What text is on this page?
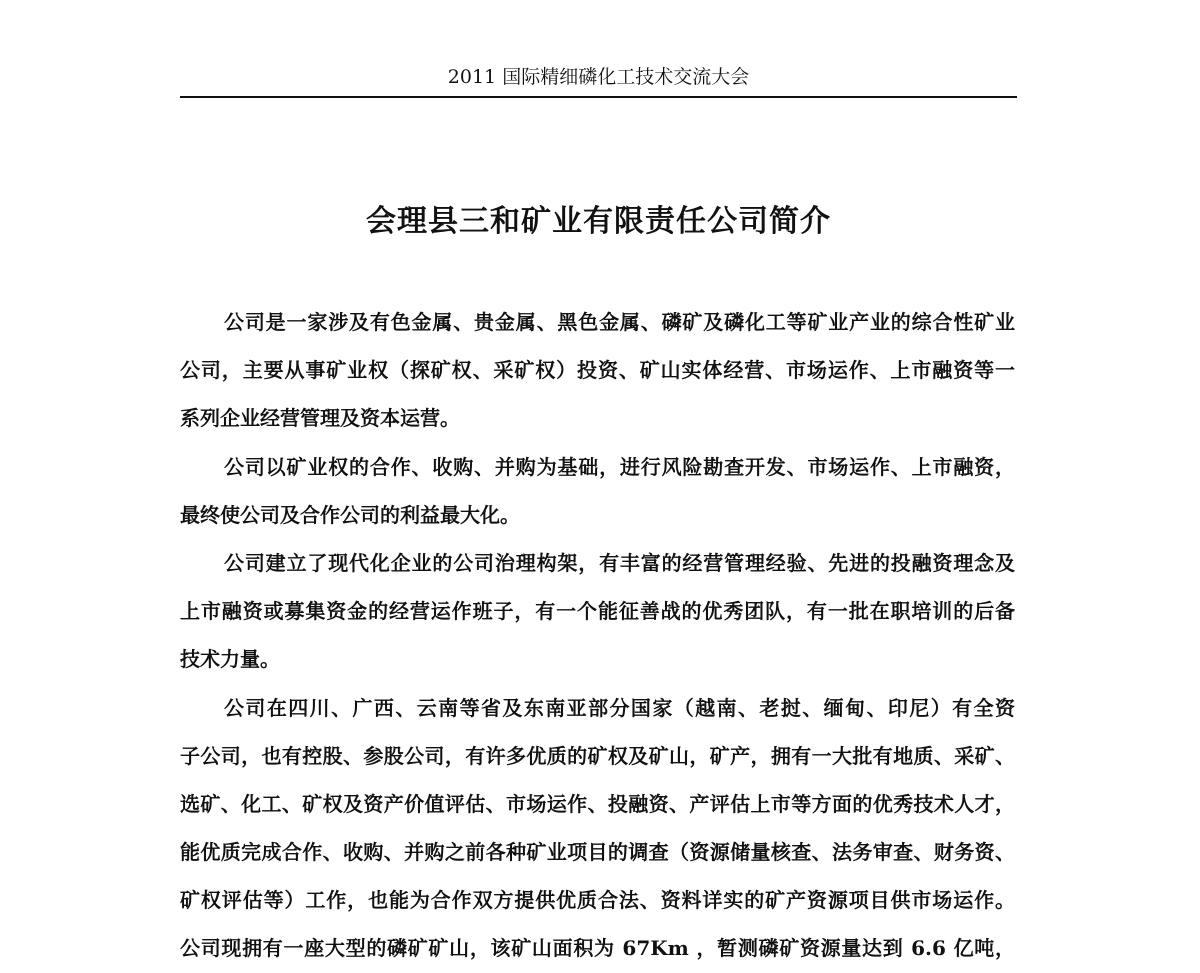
2011 国际精细磷化工技术交流大会
会理县三和矿业有限责任公司简介
公司是一家涉及有色金属、贵金属、黑色金属、磷矿及磷化工等矿业产业的综合性矿业
公司，主要从事矿业权（探矿权、采矿权）投资、矿山实体经营、市场运作、上市融资等一
系列企业经营管理及资本运营。
公司以矿业权的合作、收购、并购为基础，进行风险勘查开发、市场运作、上市融资，
最终使公司及合作公司的利益最大化。
公司建立了现代化企业的公司治理构架，有丰富的经营管理经验、先进的投融资理念及
上市融资或募集资金的经营运作班子，有一个能征善战的优秀团队，有一批在职培训的后备
技术力量。
公司在四川、广西、云南等省及东南亚部分国家（越南、老挝、缅甸、印尼）有全资
子公司，也有控股、参股公司，有许多优质的矿权及矿山，矿产，拥有一大批有地质、采矿、
选矿、化工、矿权及资产价值评估、市场运作、投融资、产评估上市等方面的优秀技术人才，
能优质完成合作、收购、并购之前各种矿业项目的调查（资源储量核查、法务审查、财务资、
矿权评估等）工作，也能为合作双方提供优质合法、资料详实的矿产资源项目供市场运作。
公司现拥有一座大型的磷矿矿山，该矿山面积为 67Km ，暂测磷矿资源量达到 6.6 亿吨，
